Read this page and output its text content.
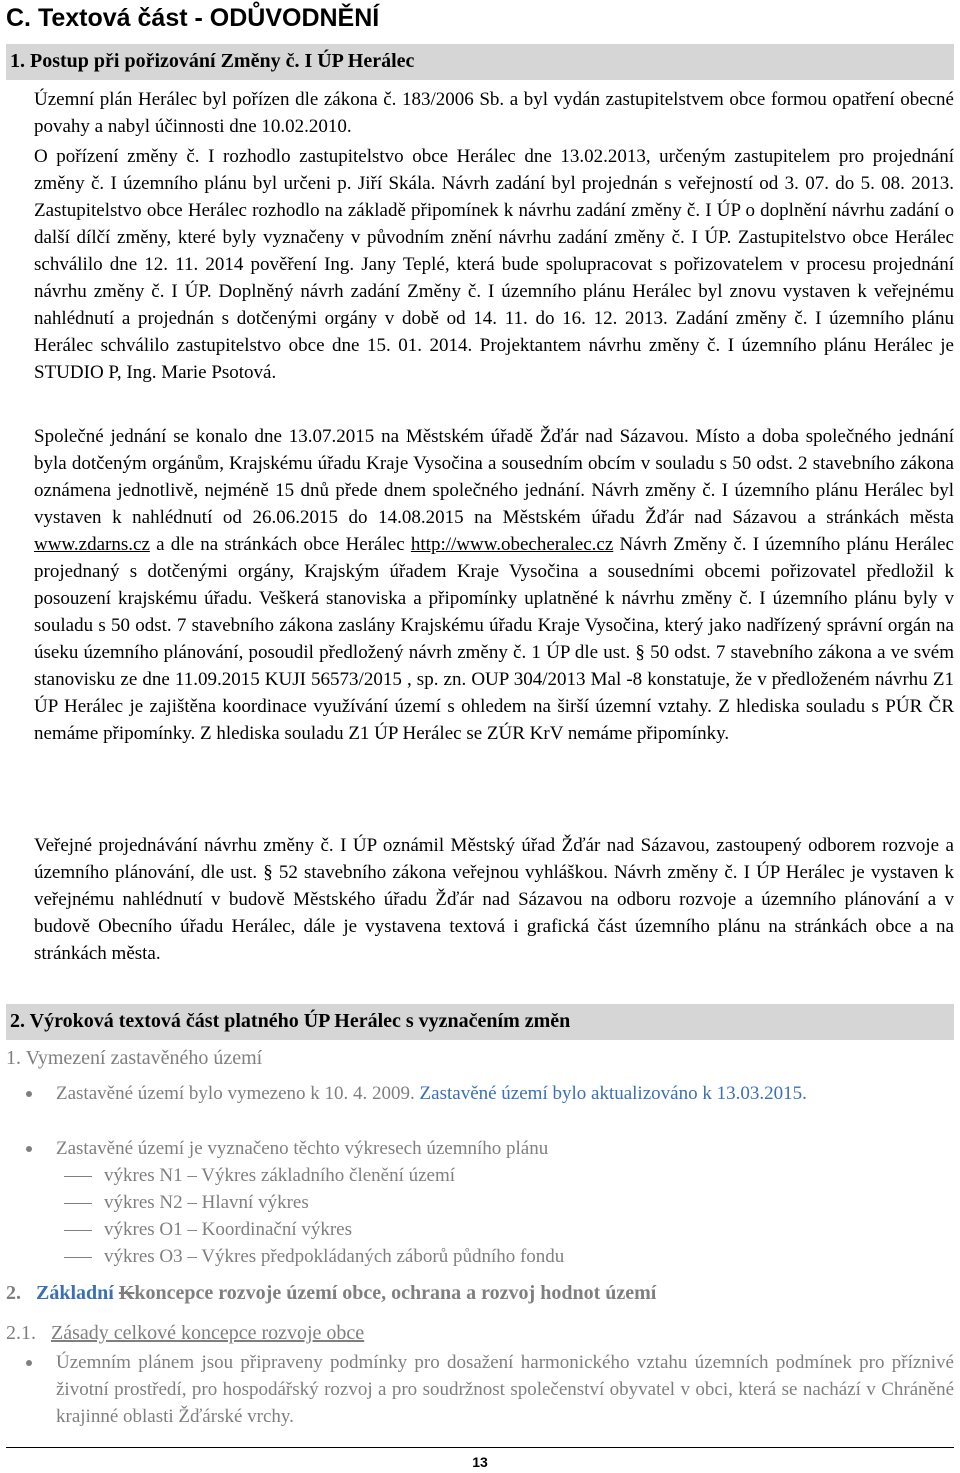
C. Textová část - ODŮVODNĚNÍ
1. Postup při pořizování Změny č. I ÚP Herálec
Územní plán Herálec byl pořízen dle zákona č. 183/2006 Sb. a byl vydán zastupitelstvem obce formou opatření obecné povahy a nabyl účinnosti dne 10.02.2010.
O pořízení změny č. I rozhodlo zastupitelstvo obce Herálec dne 13.02.2013, určeným zastupitelem pro projednání změny č. I územního plánu byl určeni p. Jiří Skála. Návrh zadání byl projednán s veřejností od 3. 07. do 5. 08. 2013. Zastupitelstvo obce Herálec rozhodlo na základě připomínek k návrhu zadání změny č. I ÚP o doplnění návrhu zadání o další dílčí změny, které byly vyznačeny v původním znění návrhu zadání změny č. I ÚP. Zastupitelstvo obce Herálec schválilo dne 12. 11. 2014 pověření Ing. Jany Teplé, která bude spolupracovat s pořizovatelem v procesu projednání návrhu změny č. I ÚP. Doplněný návrh zadání Změny č. I územního plánu Herálec byl znovu vystaven k veřejnému nahlédnutí a projednán s dotčenými orgány v době od 14. 11. do 16. 12. 2013. Zadání změny č. I územního plánu Herálec schválilo zastupitelstvo obce dne 15. 01. 2014. Projektantem návrhu změny č. I územního plánu Herálec je STUDIO P, Ing. Marie Psotová.
Společné jednání se konalo dne 13.07.2015 na Městském úřadě Žďár nad Sázavou. Místo a doba společného jednání byla dotčeným orgánům, Krajskému úřadu Kraje Vysočina a sousedním obcím v souladu s 50 odst. 2 stavebního zákona oznámena jednotlivě, nejméně 15 dnů přede dnem společného jednání. Návrh změny č. I územního plánu Herálec byl vystaven k nahlédnutí od 26.06.2015 do 14.08.2015 na Městském úřadu Žďár nad Sázavou a stránkách města www.zdarns.cz a dle na stránkách obce Herálec http://www.obecheralec.cz Návrh Změny č. I územního plánu Herálec projednaný s dotčenými orgány, Krajským úřadem Kraje Vysočina a sousedními obcemi pořizovatel předložil k posouzení krajskému úřadu. Veškerá stanoviska a připomínky uplatněné k návrhu změny č. I územního plánu byly v souladu s 50 odst. 7 stavebního zákona zaslány Krajskému úřadu Kraje Vysočina, který jako nadřízený správní orgán na úseku územního plánování, posoudil předložený návrh změny č. 1 ÚP dle ust. § 50 odst. 7 stavebního zákona a ve svém stanovisku ze dne 11.09.2015 KUJI 56573/2015 , sp. zn. OUP 304/2013 Mal -8 konstatuje, že v předloženém návrhu Z1 ÚP Herálec je zajištěna koordinace využívání území s ohledem na širší územní vztahy. Z hlediska souladu s PÚR ČR nemáme připomínky. Z hlediska souladu Z1 ÚP Herálec se ZÚR KrV nemáme připomínky.
Veřejné projednávání návrhu změny č. I ÚP oznámil Městský úřad Žďár nad Sázavou, zastoupený odborem rozvoje a územního plánování, dle ust. § 52 stavebního zákona veřejnou vyhláškou. Návrh změny č. I ÚP Herálec je vystaven k veřejnému nahlédnutí v budově Městského úřadu Žďár nad Sázavou na odboru rozvoje a územního plánování a v budově Obecního úřadu Herálec, dále je vystavena textová i grafická část územního plánu na stránkách obce a na stránkách města.
2. Výroková textová část platného ÚP Herálec s vyznačením změn
1. Vymezení zastavěného území
Zastavěné území bylo vymezeno k 10. 4. 2009. Zastavěné území bylo aktualizováno k 13.03.2015.
Zastavěné území je vyznačeno těchto výkresech územního plánu
výkres N1 – Výkres základního členění území
výkres N2 – Hlavní výkres
výkres O1 – Koordinační výkres
výkres O3 – Výkres předpokládaných záborů půdního fondu
2. Základní Kkoncepce rozvoje území obce, ochrana a rozvoj hodnot území
2.1. Zásady celkové koncepce rozvoje obce
Územním plánem jsou připraveny podmínky pro dosažení harmonického vztahu územních podmínek pro příznivé životní prostředí, pro hospodářský rozvoj a pro soudržnost společenství obyvatel v obci, která se nachází v Chráněné krajinné oblasti Žďárské vrchy.
13
